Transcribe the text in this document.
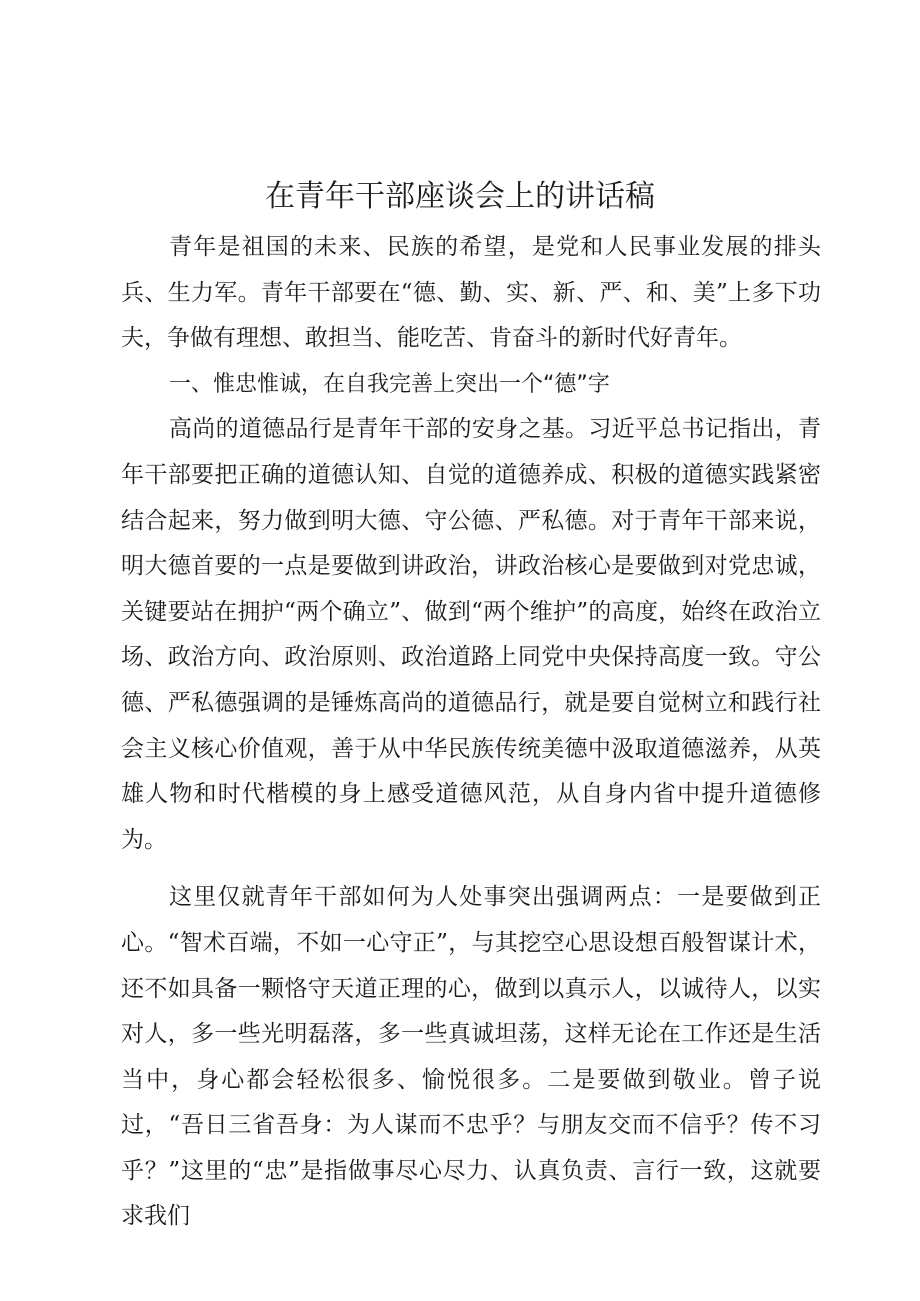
在青年干部座谈会上的讲话稿

青年是祖国的未来、民族的希望，是党和人民事业发展的排头兵、生力军。青年干部要在“德、勤、实、新、严、和、美”上多下功夫，争做有理想、敢担当、能吃苦、肯奋斗的新时代好青年。

一、惟忠惟诚，在自我完善上突出一个“德”字

高尚的道德品行是青年干部的安身之基。习近平总书记指出，青年干部要把正确的道德认知、自觉的道德养成、积极的道德实践紧密结合起来，努力做到明大德、守公德、严私德。对于青年干部来说，明大德首要的一点是要做到讲政治，讲政治核心是要做到对党忠诚，关键要站在拥护“两个确立”、做到“两个维护”的高度，始终在政治立场、政治方向、政治原则、政治道路上同党中央保持高度一致。守公德、严私德强调的是锤炼高尚的道德品行，就是要自觉树立和践行社会主义核心价值观，善于从中华民族传统美德中汲取道德滋养，从英雄人物和时代楷模的身上感受道德风范，从自身内省中提升道德修为。

这里仅就青年干部如何为人处事突出强调两点：一是要做到正心。“智术百端，不如一心守正”，与其挖空心思设想百般智谋计术，还不如具备一颗恪守天道正理的心，做到以真示人，以诚待人，以实对人，多一些光明磊落，多一些真诚坦荡，这样无论在工作还是生活当中，身心都会轻松很多、愉悦很多。二是要做到敬业。曾子说过，“吾日三省吾身：为人谋而不忠乎？与朋友交而不信乎？传不习乎？”这里的“忠”是指做事尽心尽力、认真负责、言行一致，这就要求我们
